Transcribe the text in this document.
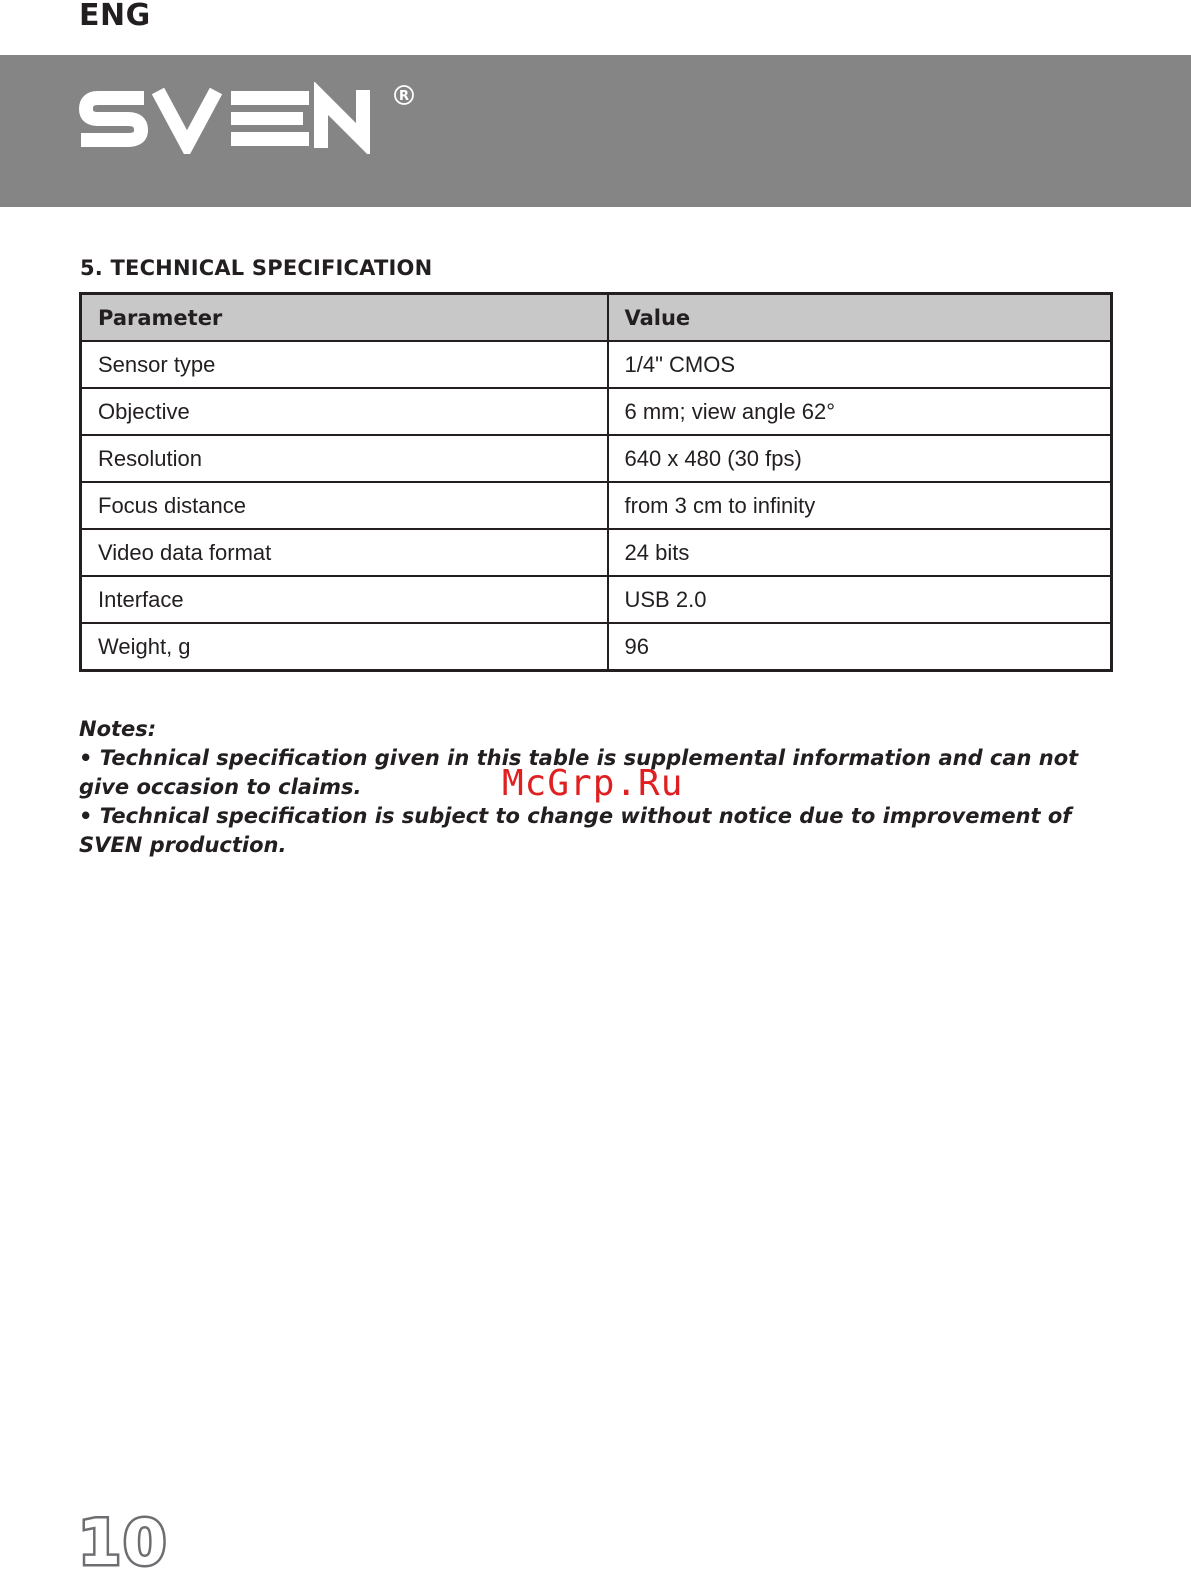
ENG
R
5. TECHNICAL SPECIFICATION
Parameter	Value
Sensor type	1/4" CMOS
Objective	6 mm; view angle 62°
Resolution	640 x 480 (30 fps)
Focus distance	from 3 cm to infinity
Video data format	24 bits
Interface	USB 2.0
Weight, g	96

Notes:

• Technical specification given in this table is supplemental information and can not give occasion to claims.

• Technical specification is subject to change without notice due to improvement of SVEN production.

McGrp.Ru
10
